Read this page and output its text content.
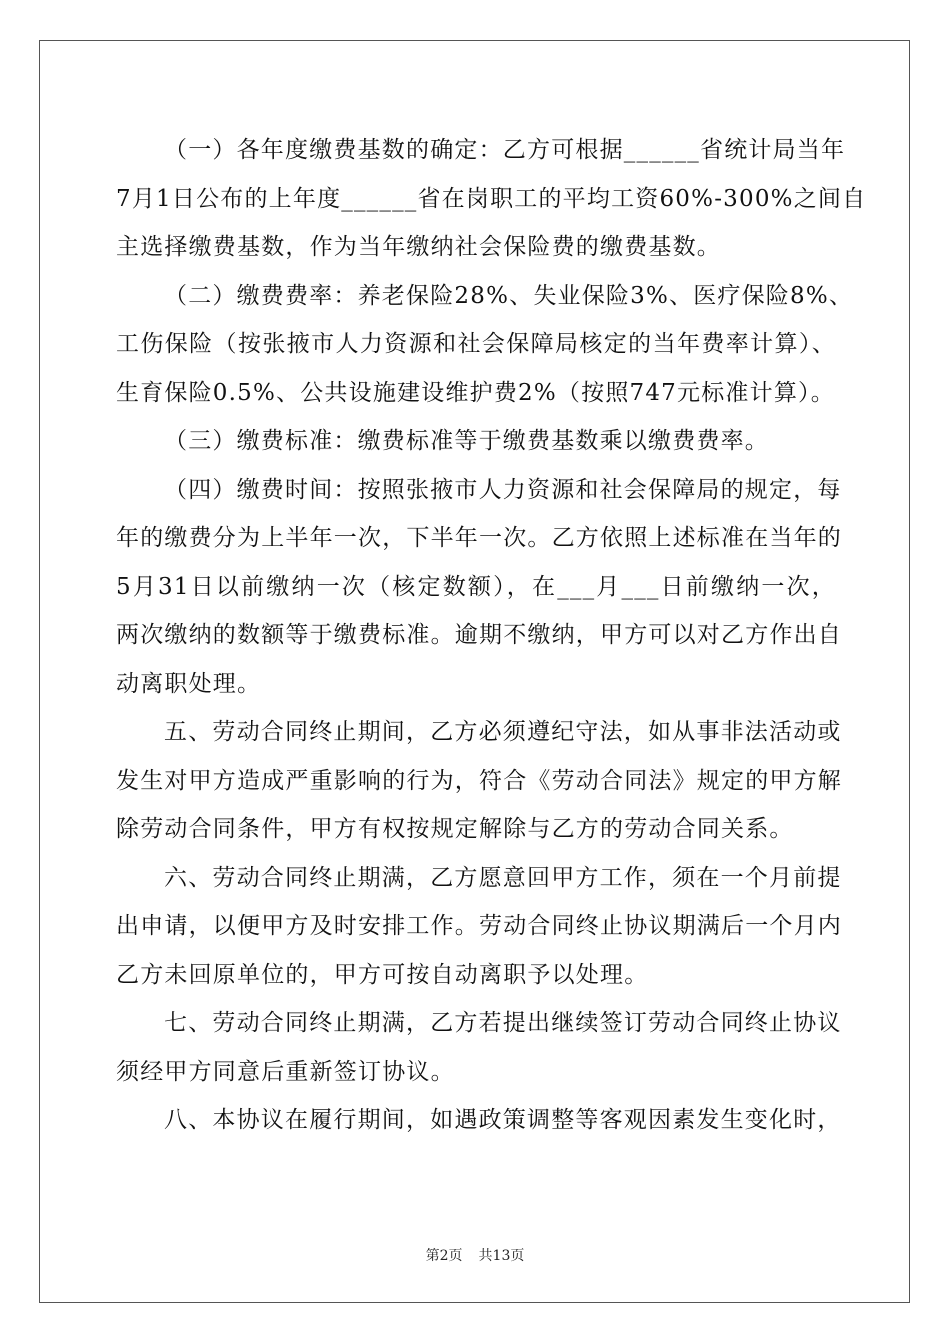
（一）各年度缴费基数的确定：乙方可根据______省统计局当年
7月1日公布的上年度______省在岗职工的平均工资60%-300%之间自
主选择缴费基数，作为当年缴纳社会保险费的缴费基数。
（二）缴费费率：养老保险28%、失业保险3%、医疗保险8%、
工伤保险（按张掖市人力资源和社会保障局核定的当年费率计算）、
生育保险0.5%、公共设施建设维护费2%（按照747元标准计算）。
（三）缴费标准：缴费标准等于缴费基数乘以缴费费率。
（四）缴费时间：按照张掖市人力资源和社会保障局的规定，每
年的缴费分为上半年一次，下半年一次。乙方依照上述标准在当年的
5月31日以前缴纳一次（核定数额），在___月___日前缴纳一次，
两次缴纳的数额等于缴费标准。逾期不缴纳，甲方可以对乙方作出自
动离职处理。
五、劳动合同终止期间，乙方必须遵纪守法，如从事非法活动或
发生对甲方造成严重影响的行为，符合《劳动合同法》规定的甲方解
除劳动合同条件，甲方有权按规定解除与乙方的劳动合同关系。
六、劳动合同终止期满，乙方愿意回甲方工作，须在一个月前提
出申请，以便甲方及时安排工作。劳动合同终止协议期满后一个月内
乙方未回原单位的，甲方可按自动离职予以处理。
七、劳动合同终止期满，乙方若提出继续签订劳动合同终止协议
须经甲方同意后重新签订协议。
八、本协议在履行期间，如遇政策调整等客观因素发生变化时，
第2页 共13页
